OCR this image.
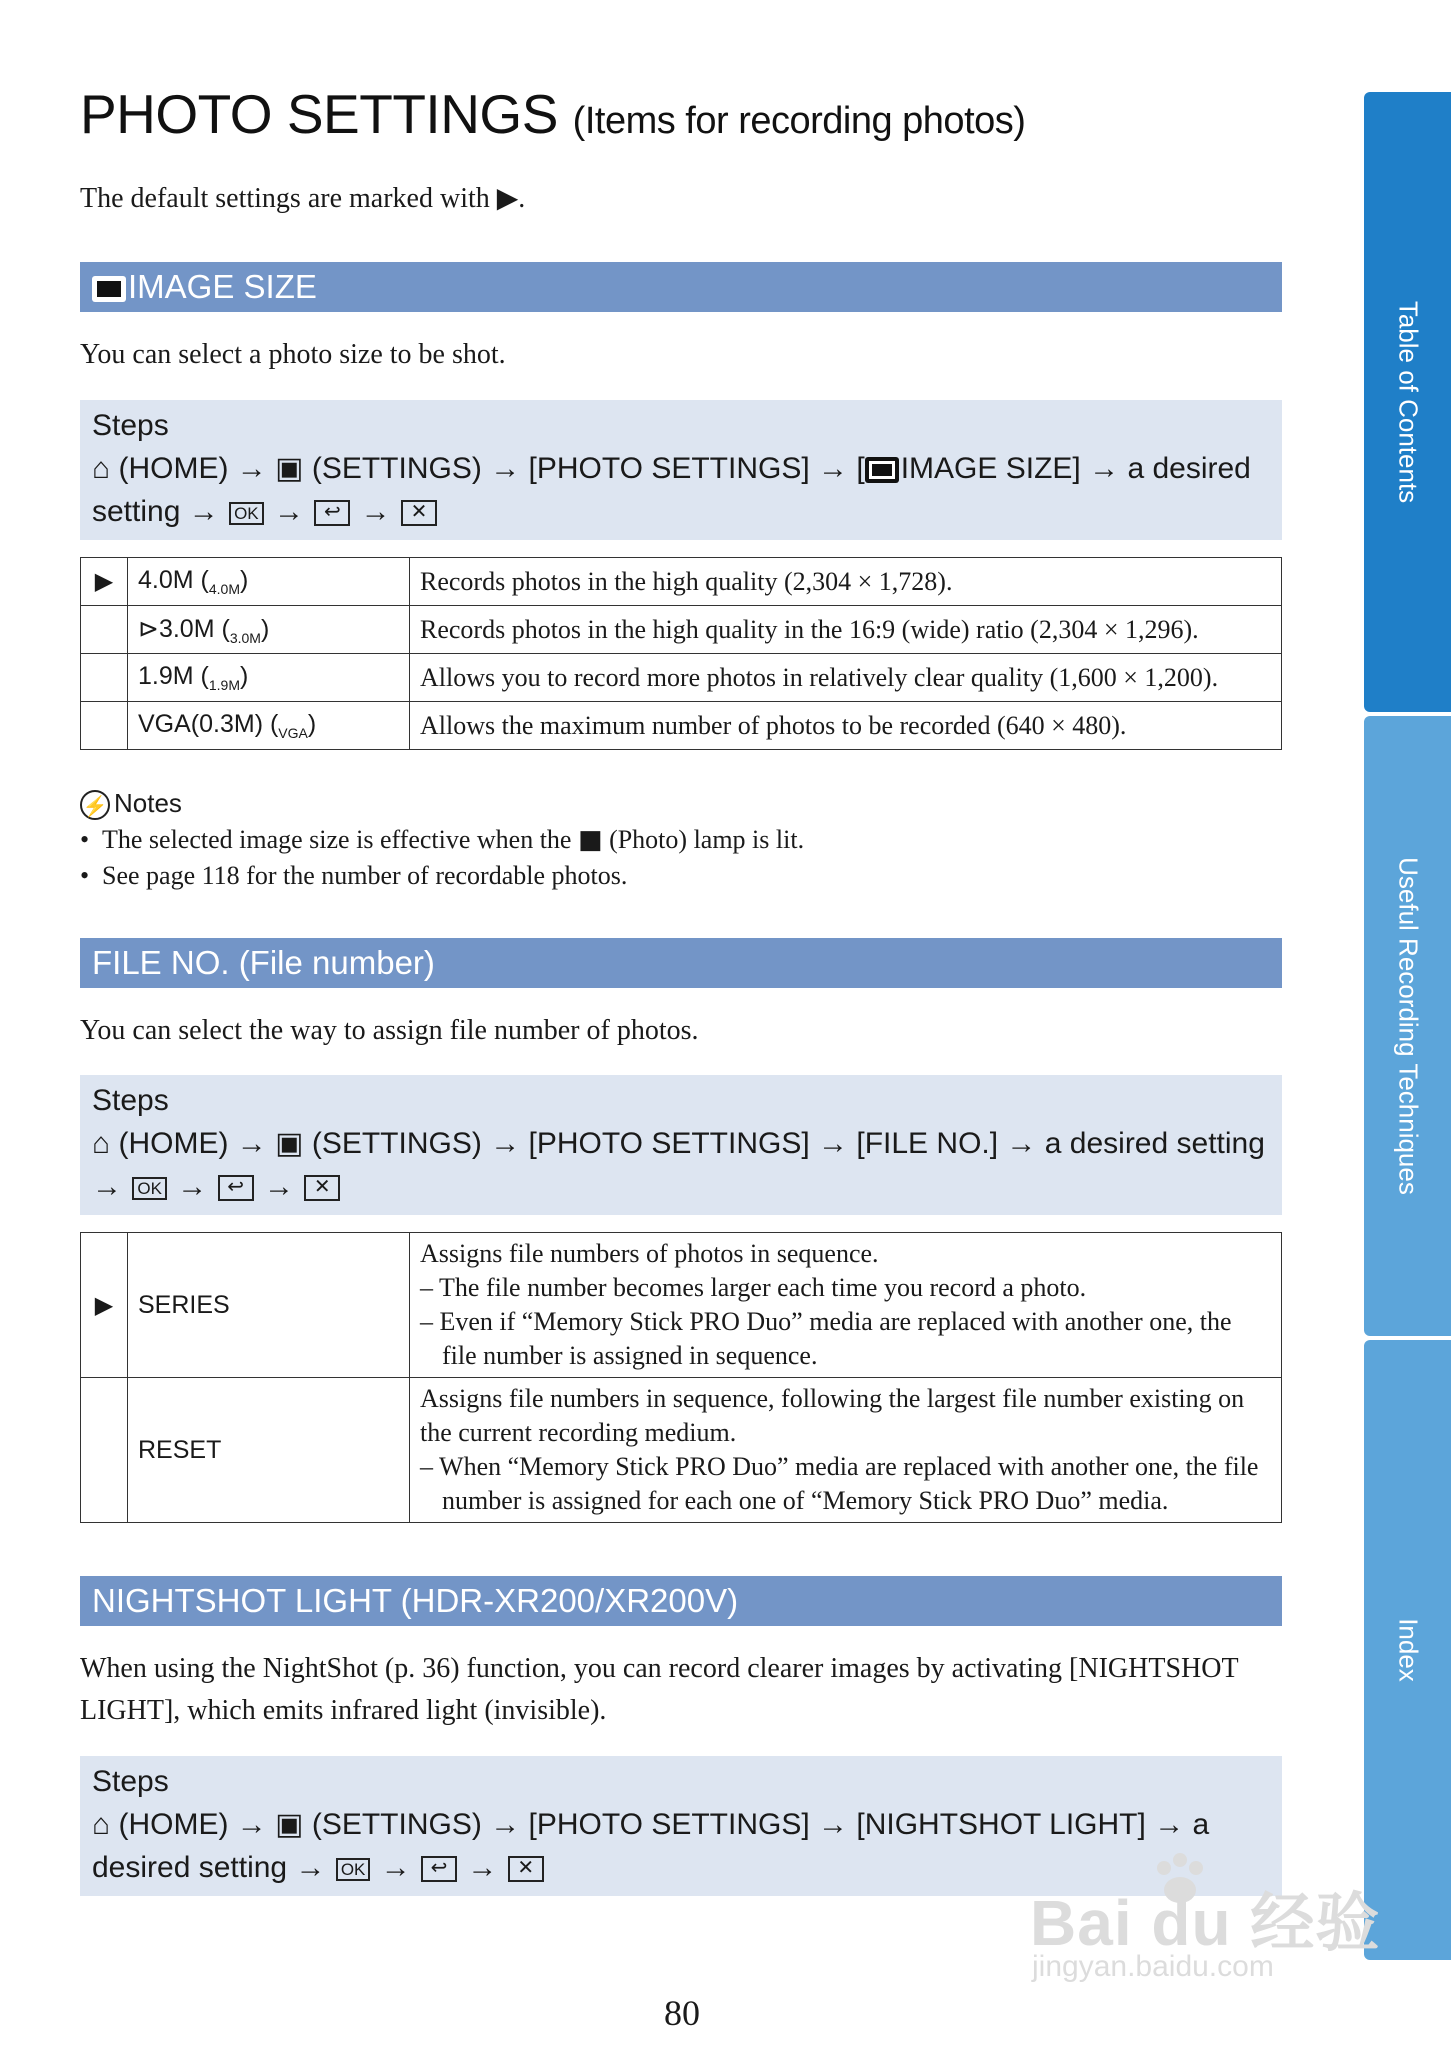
PHOTO SETTINGS (Items for recording photos)
The default settings are marked with ▶.
IMAGE SIZE
You can select a photo size to be shot.
Steps
⌂ (HOME) → ▣ (SETTINGS) → [PHOTO SETTINGS] → [ IMAGE SIZE] → a desired
setting → OK → ↩ → ✕
▶	4.0M $(_{4.0M})$	Records photos in the high quality (2,304 × 1,728).
	⊳3.0M $(_{3.0M})$	Records photos in the high quality in the 16:9 (wide) ratio (2,304 × 1,296).
	1.9M $(_{1.9M})$	Allows you to record more photos in relatively clear quality (1,600 × 1,200).
	VGA(0.3M) $(_{VGA})$	Allows the maximum number of photos to be recorded (640 × 480).
⚡ Notes
• The selected image size is effective when the ■ (Photo) lamp is lit.
• See page 118 for the number of recordable photos.
FILE NO. (File number)
You can select the way to assign file number of photos.
Steps
⌂ (HOME) → ▣ (SETTINGS) → [PHOTO SETTINGS] → [FILE NO.] → a desired setting
→ OK → ↩ → ✕
▶	SERIES	Assigns file numbers of photos in sequence.
– The file number becomes larger each time you record a photo.
– Even if “Memory Stick PRO Duo” media are replaced with another one, the file number is assigned in sequence.

	RESET	Assigns file numbers in sequence, following the largest file number existing on the current recording medium.
– When “Memory Stick PRO Duo” media are replaced with another one, the file number is assigned for each one of “Memory Stick PRO Duo” media.
NIGHTSHOT LIGHT (HDR-XR200/XR200V)
When using the NightShot (p. 36) function, you can record clearer images by activating [NIGHTSHOT LIGHT], which emits infrared light (invisible).
Steps
⌂ (HOME) → ▣ (SETTINGS) → [PHOTO SETTINGS] → [NIGHTSHOT LIGHT] → a
desired setting → OK → ↩ → ✕
Table of Contents
Useful Recording Techniques
Index
80
Bai du 经验
jingyan.baidu.com
